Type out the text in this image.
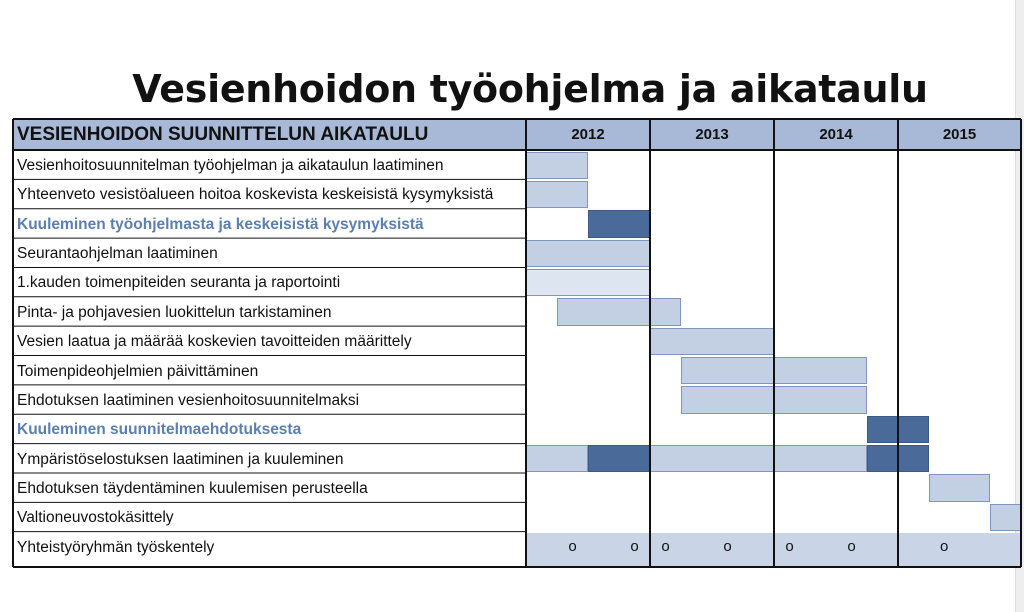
Vesienhoidon työohjelma ja aikataulu
VESIENHOIDON SUUNNITTELUN AIKATAULU	2012	2013	2014	2015
Vesienhoitosuunnitelman työohjelman ja aikataulun laatiminen
Yhteenveto vesistöalueen hoitoa koskevista keskeisistä kysymyksistä
Kuuleminen työohjelmasta ja keskeisistä kysymyksistä
Seurantaohjelman laatiminen
1.kauden toimenpiteiden seuranta ja raportointi
Pinta- ja pohjavesien luokittelun tarkistaminen
Vesien laatua ja määrää koskevien tavoitteiden määrittely
Toimenpideohjelmien päivittäminen
Ehdotuksen laatiminen vesienhoitosuunnitelmaksi
Kuuleminen suunnitelmaehdotuksesta
Ympäristöselostuksen laatiminen ja kuuleminen
Ehdotuksen täydentäminen kuulemisen perusteella
Valtioneuvostokäsittely
Yhteistyöryhmän työskentely	o	o o	o	o	o	o
